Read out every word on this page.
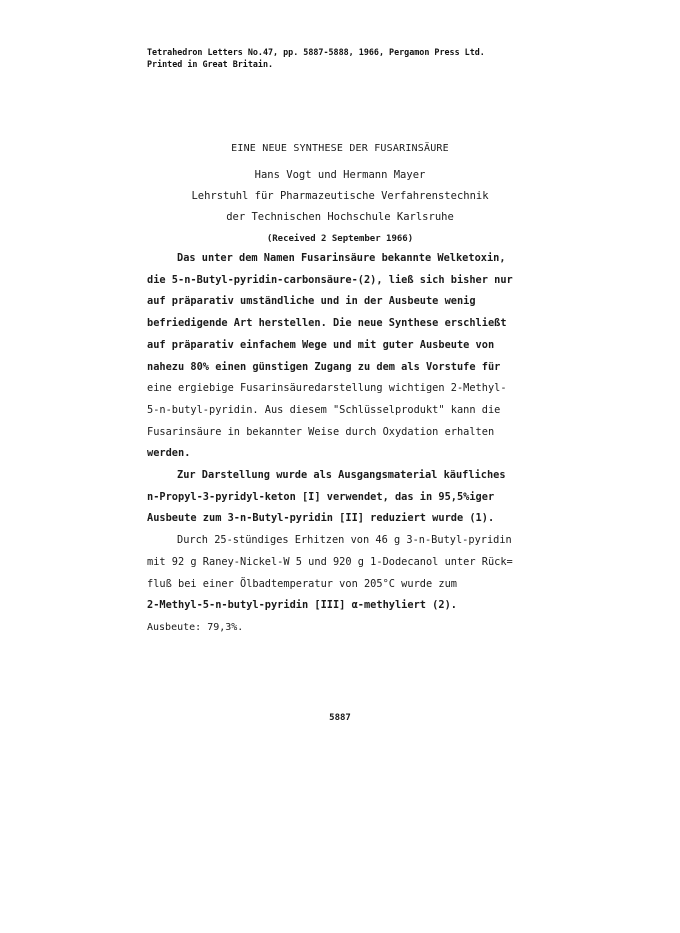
Tetrahedron Letters No.47, pp. 5887-5888, 1966, Pergamon Press Ltd.
Printed in Great Britain.
EINE NEUE SYNTHESE DER FUSARINSÄURE
Hans Vogt und Hermann Mayer
Lehrstuhl für Pharmazeutische Verfahrenstechnik
der Technischen Hochschule Karlsruhe
(Received 2 September 1966)
Das unter dem Namen Fusarinsäure bekannte Welketoxin,
die 5-n-Butyl-pyridin-carbonsäure-(2), ließ sich bisher nur
auf präparativ umständliche und in der Ausbeute wenig
befriedigende Art herstellen. Die neue Synthese erschließt
auf präparativ einfachem Wege und mit guter Ausbeute von
nahezu 80% einen günstigen Zugang zu dem als Vorstufe für
eine ergiebige Fusarinsäuredarstellung wichtigen 2-Methyl-
5-n-butyl-pyridin. Aus diesem "Schlüsselprodukt" kann die
Fusarinsäure in bekannter Weise durch Oxydation erhalten
werden.
Zur Darstellung wurde als Ausgangsmaterial käufliches
n-Propyl-3-pyridyl-keton [I] verwendet, das in 95,5%iger
Ausbeute zum 3-n-Butyl-pyridin [II] reduziert wurde (1).
Durch 25-stündiges Erhitzen von 46 g 3-n-Butyl-pyridin
mit 92 g Raney-Nickel-W 5 und 920 g 1-Dodecanol unter Rück=
fluß bei einer Ölbadtemperatur von 205°C wurde zum
2-Methyl-5-n-butyl-pyridin [III] α-methyliert (2).
Ausbeute: 79,3%.
5887
